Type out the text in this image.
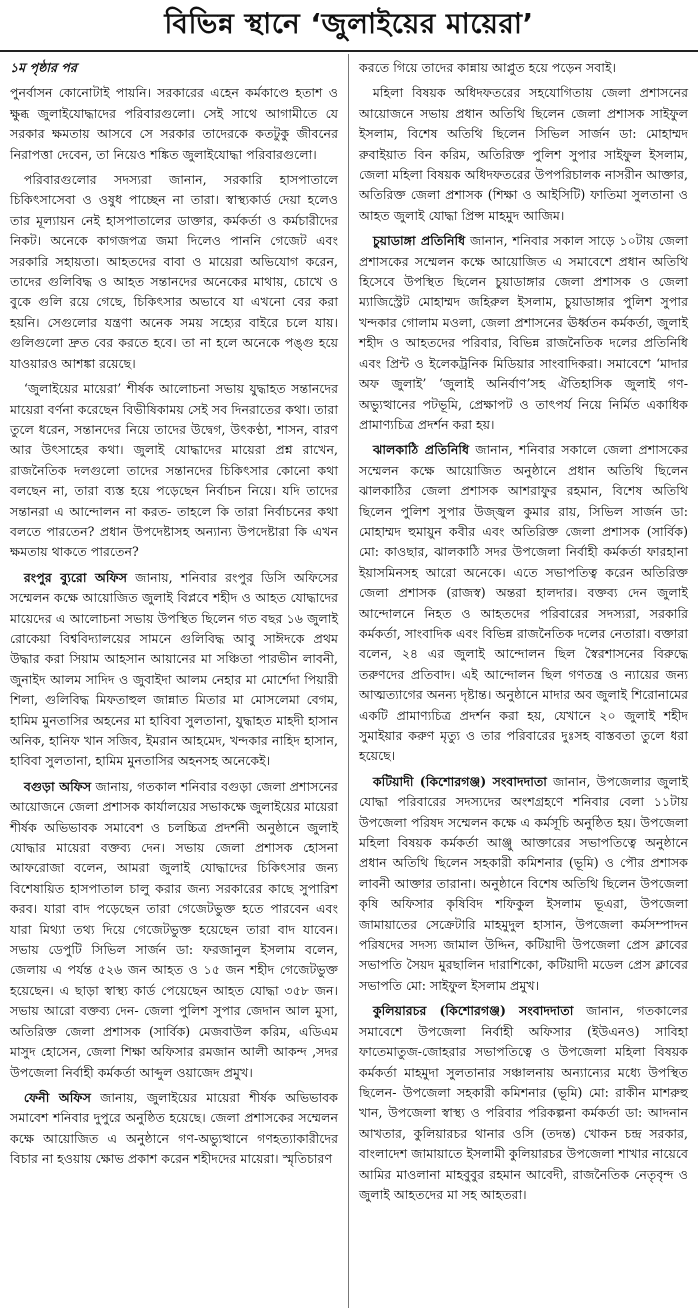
বিভিন্ন স্থানে ‘জুলাইয়ের মায়েরা’

১ম পৃষ্ঠার পর

পুনর্বাসন কোনোটাই পায়নি। সরকারের এহেন কর্মকাণ্ডে হতাশ ও ক্ষুব্ধ জুলাইযোদ্ধাদের পরিবারগুলো। সেই সাথে আগামীতে যে সরকার ক্ষমতায় আসবে সে সরকার তাদেরকে কতটুকু জীবনের নিরাপত্তা দেবেন, তা নিয়েও শঙ্কিত জুলাইযোদ্ধা পরিবারগুলো।

পরিবারগুলোর সদস্যরা জানান, সরকারি হাসপাতালে চিকিৎসাসেবা ও ওষুধ পাচ্ছেন না তারা। স্বাস্থ্যকার্ড দেয়া হলেও তার মূল্যায়ন নেই হাসপাতালের ডাক্তার, কর্মকর্তা ও কর্মচারীদের নিকট। অনেকে কাগজপত্র জমা দিলেও পাননি গেজেট এবং সরকারি সহায়তা। আহতদের বাবা ও মায়েরা অভিযোগ করেন, তাদের গুলিবিদ্ধ ও আহত সন্তানদের অনেকের মাথায়, চোখে ও বুকে গুলি রয়ে গেছে, চিকিৎসার অভাবে যা এখনো বের করা হয়নি। সেগুলোর যন্ত্রণা অনেক সময় সহ্যের বাইরে চলে যায়। গুলিগুলো দ্রুত বের করতে হবে। তা না হলে অনেকে পঙ্গু হয়ে যাওয়ারও আশঙ্কা রয়েছে।

‘জুলাইয়ের মায়েরা’ শীর্ষক আলোচনা সভায় যুদ্ধাহত সন্তানদের মায়েরা বর্ণনা করেছেন বিভীষিকাময় সেই সব দিনরাতের কথা। তারা তুলে ধরেন, সন্তানদের নিয়ে তাদের উদ্বেগ, উৎকণ্ঠা, শাসন, বারণ আর উৎসাহের কথা। জুলাই যোদ্ধাদের মায়েরা প্রশ্ন রাখেন, রাজনৈতিক দলগুলো তাদের সন্তানদের চিকিৎসার কোনো কথা বলছেন না, তারা ব্যস্ত হয়ে পড়েছেন নির্বাচন নিয়ে। যদি তাদের সন্তানরা এ আন্দোলন না করত- তাহলে কি তারা নির্বাচনের কথা বলতে পারতেন? প্রধান উপদেষ্টাসহ অন্যান্য উপদেষ্টারা কি এখন ক্ষমতায় থাকতে পারতেন?

রংপুর ব্যুরো অফিস জানায়, শনিবার রংপুর ডিসি অফিসের সম্মেলন কক্ষে আয়োজিত জুলাই বিপ্লবে শহীদ ও আহত যোদ্ধাদের মায়েদের এ আলোচনা সভায় উপস্থিত ছিলেন গত বছর ১৬ জুলাই রোকেয়া বিশ্ববিদ্যালয়ের সামনে গুলিবিদ্ধ আবু সাঈদকে প্রথম উদ্ধার করা সিয়াম আহসান আয়ানের মা সঞ্চিতা পারভীন লাবনী, জুনাইদ আলম সাদিদ ও জুবাইদা আলম নেহার মা মোর্শেদা পিয়ারী শিলা, গুলিবিদ্ধ মিফতাহুল জান্নাত মিতার মা মোসলেমা বেগম, হামিম মুনতাসির অহনের মা হাবিবা সুলতানা, যুদ্ধাহত মাহদী হাসান অনিক, হানিফ খান সজিব, ইমরান আহমেদ, খন্দকার নাহিদ হাসান, হাবিবা সুলতানা, হামিম মুনতাসির অহনসহ অনেকেই।

বগুড়া অফিস জানায়, গতকাল শনিবার বগুড়া জেলা প্রশাসনের আয়োজনে জেলা প্রশাসক কার্যালয়ের সভাকক্ষে জুলাইয়ের মায়েরা শীর্ষক অভিভাবক সমাবেশ ও চলচ্চিত্র প্রদর্শনী অনুষ্ঠানে জুলাই যোদ্ধার মায়েরা বক্তব্য দেন। সভায় জেলা প্রশাসক হোসনা আফরোজা বলেন, আমরা জুলাই যোদ্ধাদের চিকিৎসার জন্য বিশেষায়িত হাসপাতাল চালু করার জন্য সরকারের কাছে সুপারিশ করব। যারা বাদ পড়েছেন তারা গেজেটভুক্ত হতে পারবেন এবং যারা মিথ্যা তথ্য দিয়ে গেজেটভুক্ত হয়েছেন তারা বাদ যাবেন। সভায় ডেপুটি সিভিল সার্জন ডা: ফরজানুল ইসলাম বলেন, জেলায় এ পর্যন্ত ৫২৬ জন আহত ও ১৫ জন শহীদ গেজেটভুক্ত হয়েছেন। এ ছাড়া স্বাস্থ্য কার্ড পেয়েছেন আহত যোদ্ধা ৩৫৮ জন। সভায় আরো বক্তব্য দেন- জেলা পুলিশ সুপার জেদান আল মুসা, অতিরিক্ত জেলা প্রশাসক (সার্বিক) মেজবাউল করিম, এডিএম মাসুদ হোসেন, জেলা শিক্ষা অফিসার রমজান আলী আকন্দ ,সদর উপজেলা নির্বাহী কর্মকর্তা আব্দুল ওয়াজেদ প্রমুখ।

ফেনী অফিস জানায়, জুলাইয়ের মায়েরা শীর্ষক অভিভাবক সমাবেশ শনিবার দুপুরে অনুষ্ঠিত হয়েছে। জেলা প্রশাসকের সম্মেলন কক্ষে আয়োজিত এ অনুষ্ঠানে গণ-অভ্যুত্থানে গণহত্যাকারীদের বিচার না হওয়ায় ক্ষোভ প্রকাশ করেন শহীদদের মায়েরা। স্মৃতিচারণ

করতে গিয়ে তাদের কান্নায় আপ্লুত হয়ে পড়েন সবাই।

মহিলা বিষয়ক অধিদফতরের সহযোগিতায় জেলা প্রশাসনের আয়োজনে সভায় প্রধান অতিথি ছিলেন জেলা প্রশাসক সাইফুল ইসলাম, বিশেষ অতিথি ছিলেন সিভিল সার্জন ডা: মোহাম্মদ রুবাইয়াত বিন করিম, অতিরিক্ত পুলিশ সুপার সাইফুল ইসলাম, জেলা মহিলা বিষয়ক অধিদফতরের উপপরিচালক নাসরীন আক্তার, অতিরিক্ত জেলা প্রশাসক (শিক্ষা ও আইসিটি) ফাতিমা সুলতানা ও আহত জুলাই যোদ্ধা প্রিন্স মাহমুদ আজিম।

চুয়াডাঙ্গা প্রতিনিধি জানান, শনিবার সকাল সাড়ে ১০টায় জেলা প্রশাসকের সম্মেলন কক্ষে আয়োজিত এ সমাবেশে প্রধান অতিথি হিসেবে উপস্থিত ছিলেন চুয়াডাঙ্গার জেলা প্রশাসক ও জেলা ম্যাজিস্ট্রেট মোহাম্মদ জহিরুল ইসলাম, চুয়াডাঙ্গার পুলিশ সুপার খন্দকার গোলাম মওলা, জেলা প্রশাসনের ঊর্ধ্বতন কর্মকর্তা, জুলাই শহীদ ও আহতদের পরিবার, বিভিন্ন রাজনৈতিক দলের প্রতিনিধি এবং প্রিন্ট ও ইলেকট্রনিক মিডিয়ার সাংবাদিকরা। সমাবেশে ‘মাদার অফ জুলাই’ ‘জুলাই অনির্বাণ’সহ ঐতিহাসিক জুলাই গণ-অভ্যুত্থানের পটভূমি, প্রেক্ষাপট ও তাৎপর্য নিয়ে নির্মিত একাধিক প্রামাণ্যচিত্র প্রদর্শন করা হয়।

ঝালকাঠি প্রতিনিধি জানান, শনিবার সকালে জেলা প্রশাসকের সম্মেলন কক্ষে আয়োজিত অনুষ্ঠানে প্রধান অতিথি ছিলেন ঝালকাঠির জেলা প্রশাসক আশরাফুর রহমান, বিশেষ অতিথি ছিলেন পুলিশ সুপার উজ্জ্বল কুমার রায়, সিভিল সার্জন ডা: মোহাম্মদ হুমায়ুন কবীর এবং অতিরিক্ত জেলা প্রশাসক (সার্বিক) মো: কাওছার, ঝালকাঠি সদর উপজেলা নির্বাহী কর্মকর্তা ফারহানা ইয়াসমিনসহ আরো অনেকে। এতে সভাপতিত্ব করেন অতিরিক্ত জেলা প্রশাসক (রাজস্ব) অন্তরা হালদার। বক্তব্য দেন জুলাই আন্দোলনে নিহত ও আহতদের পরিবারের সদস্যরা, সরকারি কর্মকর্তা, সাংবাদিক এবং বিভিন্ন রাজনৈতিক দলের নেতারা। বক্তারা বলেন, ২৪ এর জুলাই আন্দোলন ছিল স্বৈরশাসনের বিরুদ্ধে তরুণদের প্রতিবাদ। এই আন্দোলন ছিল গণতন্ত্র ও ন্যায়ের জন্য আত্মত্যাগের অনন্য দৃষ্টান্ত। অনুষ্ঠানে মাদার অব জুলাই শিরোনামের একটি প্রামাণ্যচিত্র প্রদর্শন করা হয়, যেখানে ২০ জুলাই শহীদ সুমাইয়ার করুণ মৃত্যু ও তার পরিবারের দুঃসহ বাস্তবতা তুলে ধরা হয়েছে।

কটিয়াদী (কিশোরগঞ্জ) সংবাদদাতা জানান, উপজেলার জুলাই যোদ্ধা পরিবারের সদস্যদের অংশগ্রহণে শনিবার বেলা ১১টায় উপজেলা পরিষদ সম্মেলন কক্ষে এ কর্মসূচি অনুষ্ঠিত হয়। উপজেলা মহিলা বিষয়ক কর্মকর্তা আঞ্জু আক্তারের সভাপতিত্বে অনুষ্ঠানে প্রধান অতিথি ছিলেন সহকারী কমিশনার (ভূমি) ও পৌর প্রশাসক লাবনী আক্তার তারানা। অনুষ্ঠানে বিশেষ অতিথি ছিলেন উপজেলা কৃষি অফিসার কৃষিবিদ শফিকুল ইসলাম ভূএরা, উপজেলা জামায়াতের সেক্রেটারি মাহমুদুল হাসান, উপজেলা কর্মসম্পাদন পরিষদের সদস্য জামাল উদ্দিন, কটিয়াদী উপজেলা প্রেস ক্লাবের সভাপতি সৈয়দ মুরছালিন দারাশিকো, কটিয়াদী মডেল প্রেস ক্লাবের সভাপতি মো: সাইফুল ইসলাম প্রমুখ।

কুলিয়ারচর (কিশোরগঞ্জ) সংবাদদাতা জানান, গতকালের সমাবেশে উপজেলা নির্বাহী অফিসার (ইউএনও) সাবিহা ফাতেমাতুজ-জোহরার সভাপতিত্বে ও উপজেলা মহিলা বিষয়ক কর্মকর্তা মাহমুদা সুলতানার সঞ্চালনায় অন্যান্যের মধ্যে উপস্থিত ছিলেন- উপজেলা সহকারী কমিশনার (ভূমি) মো: রাকীন মাশরুহু খান, উপজেলা স্বাস্থ্য ও পরিবার পরিকল্পনা কর্মকর্তা ডা: আদনান আখতার, কুলিয়ারচর থানার ওসি (তদন্ত) খোকন চন্দ্র সরকার, বাংলাদেশ জামায়াতে ইসলামী কুলিয়ারচর উপজেলা শাখার নায়েবে আমির মাওলানা মাহবুবুর রহমান আবেদী, রাজনৈতিক নেতৃবৃন্দ ও জুলাই আহতদের মা সহ আহতরা।
